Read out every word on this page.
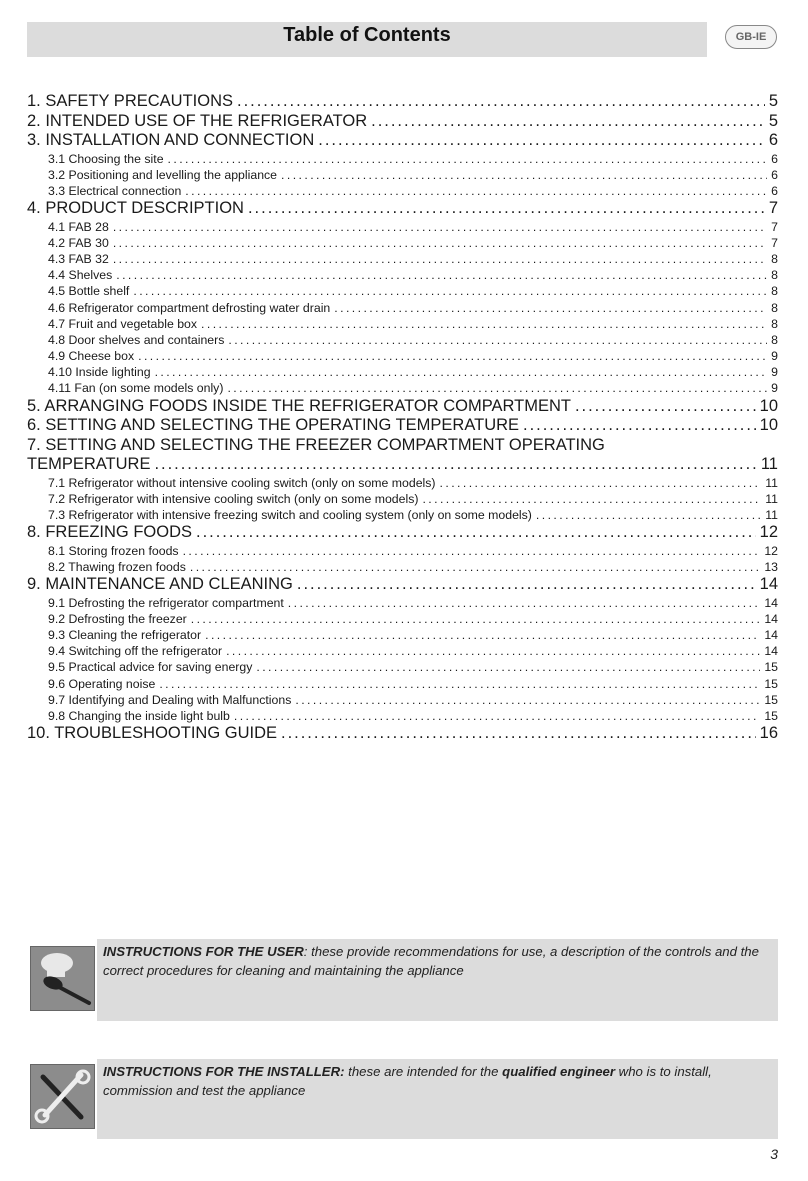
Table of Contents	GB-IE
1. SAFETY PRECAUTIONS . . .	5
2. INTENDED USE OF THE REFRIGERATOR . . .	5
3. INSTALLATION AND CONNECTION . . .	6
3.1 Choosing the site . . .	6
3.2 Positioning and levelling the appliance . . .	6
3.3 Electrical connection . . .	6
4. PRODUCT DESCRIPTION . . .	7
4.1 FAB 28 . . .	7
4.2 FAB 30 . . .	7
4.3 FAB 32 . . .	8
4.4 Shelves . . .	8
4.5 Bottle shelf . . .	8
4.6 Refrigerator compartment defrosting water drain . . .	8
4.7 Fruit and vegetable box . . .	8
4.8 Door shelves and containers . . .	8
4.9 Cheese box . . .	9
4.10 Inside lighting . . .	9
4.11 Fan (on some models only) . . .	9
5. ARRANGING FOODS INSIDE THE REFRIGERATOR COMPARTMENT . . .	10
6. SETTING AND SELECTING THE OPERATING TEMPERATURE . . .	10
7. SETTING AND SELECTING THE FREEZER COMPARTMENT OPERATING
TEMPERATURE . . .	11
7.1 Refrigerator without intensive cooling switch (only on some models) . . .	11
7.2 Refrigerator with intensive cooling switch (only on some models) . . .	11
7.3 Refrigerator with intensive freezing switch and cooling system (only on some models) . . .	11
8. FREEZING FOODS . . .	12
8.1 Storing frozen foods . . .	12
8.2 Thawing frozen foods . . .	13
9. MAINTENANCE AND CLEANING . . .	14
9.1 Defrosting the refrigerator compartment . . .	14
9.2 Defrosting the freezer . . .	14
9.3 Cleaning the refrigerator . . .	14
9.4 Switching off the refrigerator . . .	14
9.5 Practical advice for saving energy . . .	15
9.6 Operating noise . . .	15
9.7 Identifying and Dealing with Malfunctions . . .	15
9.8 Changing the inside light bulb . . .	15
10. TROUBLESHOOTING GUIDE . . .	16
INSTRUCTIONS FOR THE USER: these provide recommendations for use, a description of the controls and the correct procedures for cleaning and maintaining the appliance
INSTRUCTIONS FOR THE INSTALLER: these are intended for the qualified engineer who is to install, commission and test the appliance
3
